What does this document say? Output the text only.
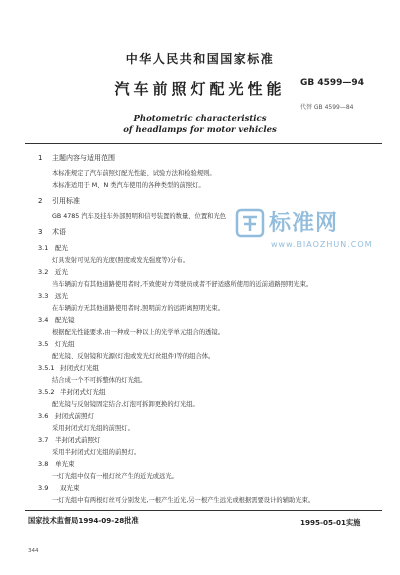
中华人民共和国国家标准
汽车前照灯配光性能
Photometric characteristics
of headlamps for motor vehicles
GB 4599—94
代替 GB 4599—84
1 主题内容与适用范围
本标准规定了汽车前照灯配光性能、试验方法和检验规则。
本标准适用于 M、N 类汽车使用的各种类型的前照灯。
2 引用标准
GB 4785 汽车及挂车外部照明和信号装置的数量、位置和光色
3 术语
3.1 配光
灯具发射可见光的光度(照度或发光强度等)分布。
3.2 近光
当车辆前方有其他道路使用者时,不致使对方驾驶员或者不舒适感所使用的近前道路照明光束。
3.3 远光
在车辆前方无其他道路使用者时,照明前方的远距离照明光束。
3.4 配光镜
根据配光性能要求,由一种或一种以上的光学单元组合的透镜。
3.5 灯光组
配光镜、反射镜和光源(灯泡或发光灯丝组件)等的组合体。
3.5.1 封闭式灯光组
结合成一个不可拆整体的灯光组。
3.5.2 半封闭式灯光组
配光镜与反射镜固定结合,灯泡可拆卸更换的灯光组。
3.6 封闭式前照灯
采用封闭式灯光组的前照灯。
3.7 半封闭式前照灯
采用半封闭式灯光组的前照灯。
3.8 单光束
一灯光组中仅有一根灯丝产生的近光或远光。
3.9 双光束
一灯光组中有两根灯丝可分别发光,一根产生近光,另一根产生远光或根据需要设计的辅助光束。
国家技术监督局1994-09-28批准	1995-05-01实施
344
标准网
www.BIAOZHUN.COM
